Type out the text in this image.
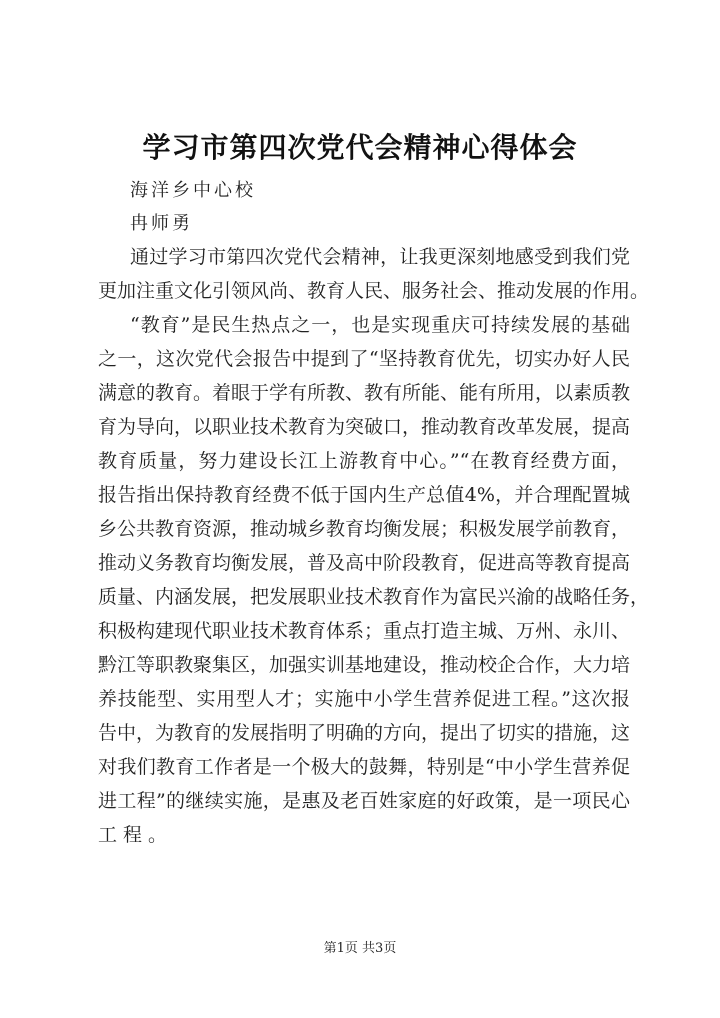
学习市第四次党代会精神心得体会
海洋乡中心校
冉师勇
通过学习市第四次党代会精神，让我更深刻地感受到我们党
更加注重文化引领风尚、教育人民、服务社会、推动发展的作用。
“教育”是民生热点之一，也是实现重庆可持续发展的基础
之一，这次党代会报告中提到了“坚持教育优先，切实办好人民
满意的教育。着眼于学有所教、教有所能、能有所用，以素质教
育为导向，以职业技术教育为突破口，推动教育改革发展，提高
教育质量，努力建设长江上游教育中心。”“在教育经费方面，
报告指出保持教育经费不低于国内生产总值4%，并合理配置城
乡公共教育资源，推动城乡教育均衡发展；积极发展学前教育，
推动义务教育均衡发展，普及高中阶段教育，促进高等教育提高
质量、内涵发展，把发展职业技术教育作为富民兴渝的战略任务，
积极构建现代职业技术教育体系；重点打造主城、万州、永川、
黔江等职教聚集区，加强实训基地建设，推动校企合作，大力培
养技能型、实用型人才；实施中小学生营养促进工程。”这次报
告中，为教育的发展指明了明确的方向，提出了切实的措施，这
对我们教育工作者是一个极大的鼓舞，特别是“中小学生营养促
进工程”的继续实施，是惠及老百姓家庭的好政策，是一项民心
工程。
第1页 共3页
